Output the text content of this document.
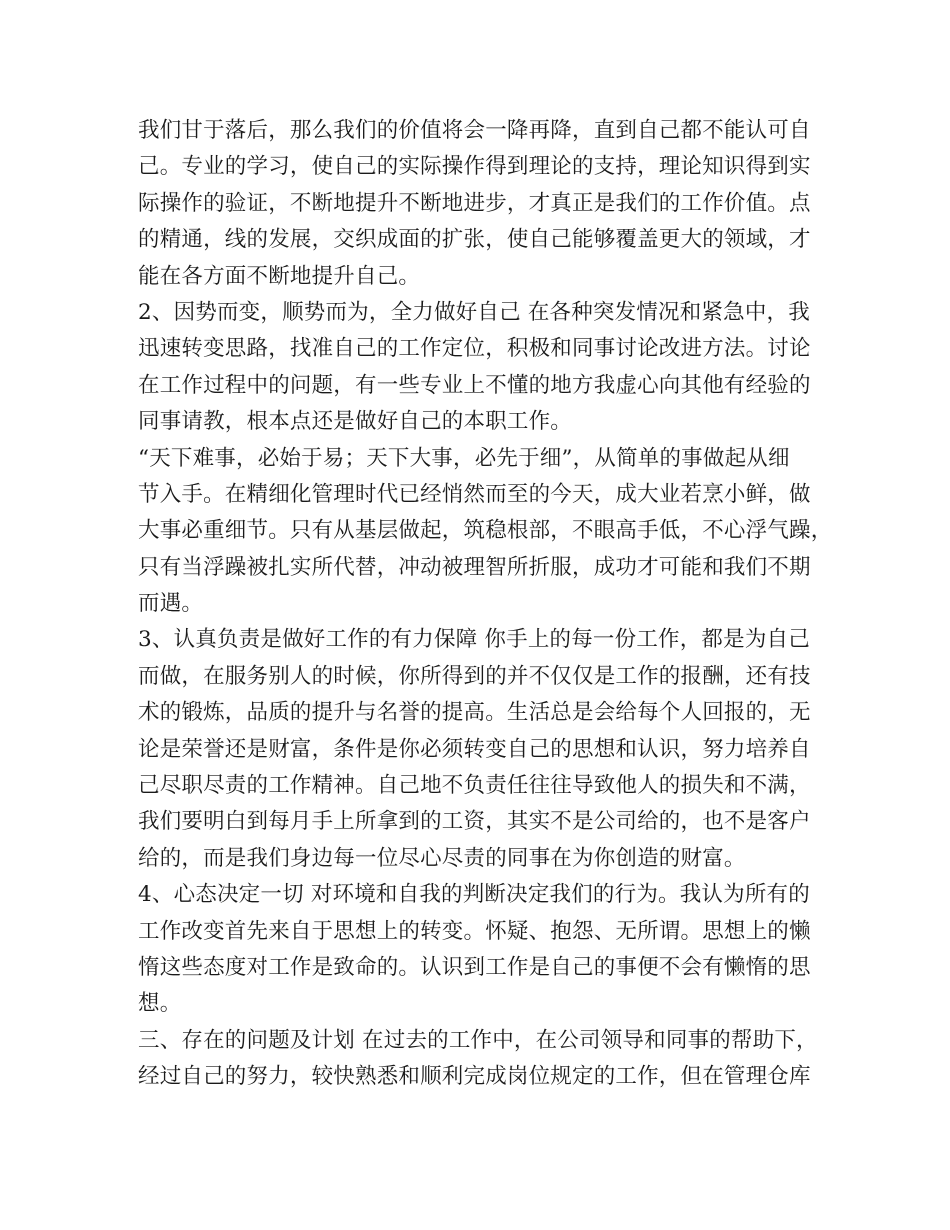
我们甘于落后，那么我们的价值将会一降再降，直到自己都不能认可自
己。专业的学习，使自己的实际操作得到理论的支持，理论知识得到实
际操作的验证，不断地提升不断地进步，才真正是我们的工作价值。点
的精通，线的发展，交织成面的扩张，使自己能够覆盖更大的领域，才
能在各方面不断地提升自己。
2、因势而变，顺势而为，全力做好自己 在各种突发情况和紧急中，我
迅速转变思路，找准自己的工作定位，积极和同事讨论改进方法。讨论
在工作过程中的问题，有一些专业上不懂的地方我虚心向其他有经验的
同事请教，根本点还是做好自己的本职工作。
“天下难事，必始于易；天下大事，必先于细”，从简单的事做起从细
节入手。在精细化管理时代已经悄然而至的今天，成大业若烹小鲜，做
大事必重细节。只有从基层做起，筑稳根部，不眼高手低，不心浮气躁，
只有当浮躁被扎实所代替，冲动被理智所折服，成功才可能和我们不期
而遇。
3、认真负责是做好工作的有力保障 你手上的每一份工作，都是为自己
而做，在服务别人的时候，你所得到的并不仅仅是工作的报酬，还有技
术的锻炼，品质的提升与名誉的提高。生活总是会给每个人回报的，无
论是荣誉还是财富，条件是你必须转变自己的思想和认识，努力培养自
己尽职尽责的工作精神。自己地不负责任往往导致他人的损失和不满，
我们要明白到每月手上所拿到的工资，其实不是公司给的，也不是客户
给的，而是我们身边每一位尽心尽责的同事在为你创造的财富。
4、心态决定一切 对环境和自我的判断决定我们的行为。我认为所有的
工作改变首先来自于思想上的转变。怀疑、抱怨、无所谓。思想上的懒
惰这些态度对工作是致命的。认识到工作是自己的事便不会有懒惰的思
想。
三、存在的问题及计划 在过去的工作中，在公司领导和同事的帮助下，
经过自己的努力，较快熟悉和顺利完成岗位规定的工作，但在管理仓库
